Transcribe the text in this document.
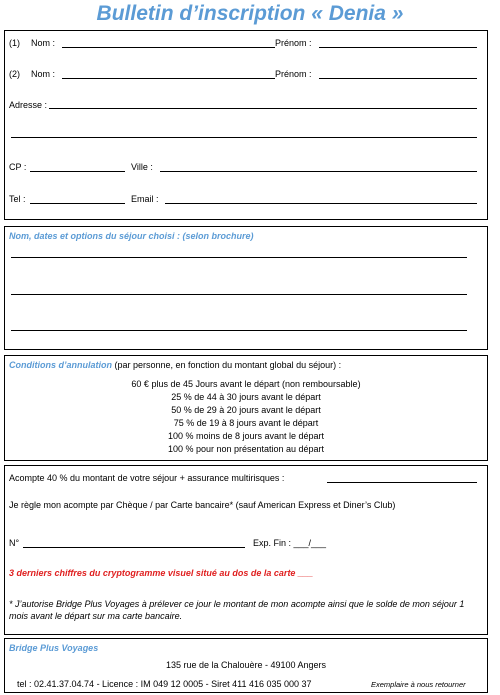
Bulletin d’inscription « Denia »
(1) Nom :	Prénom :
(2) Nom :	Prénom :
Adresse :
CP :	Ville :
Tel :	Email :
Nom, dates et options du séjour choisi : (selon brochure)
Conditions d’annulation (par personne, en fonction du montant global du séjour) :
60 € plus de 45 Jours avant le départ (non remboursable)
25 % de 44 à 30 jours avant le départ
50 % de 29 à 20 jours avant le départ
75 % de 19 à 8 jours avant le départ
100 % moins de 8 jours avant le départ
100 % pour non présentation au départ
Acompte 40 % du montant de votre séjour + assurance multirisques :
Je règle mon acompte par Chèque / par Carte bancaire* (sauf American Express et Diner’s Club)
N°	Exp. Fin : ___/___
3 derniers chiffres du cryptogramme visuel situé au dos de la carte ___
* J’autorise Bridge Plus Voyages à prélever ce jour le montant de mon acompte ainsi que le solde de mon séjour 1 mois avant le départ sur ma carte bancaire.
Bridge Plus Voyages
135 rue de la Chalouère - 49100 Angers
tel : 02.41.37.04.74 - Licence : IM 049 12 0005 - Siret 411 416 035 000 37	Exemplaire à nous retourner
